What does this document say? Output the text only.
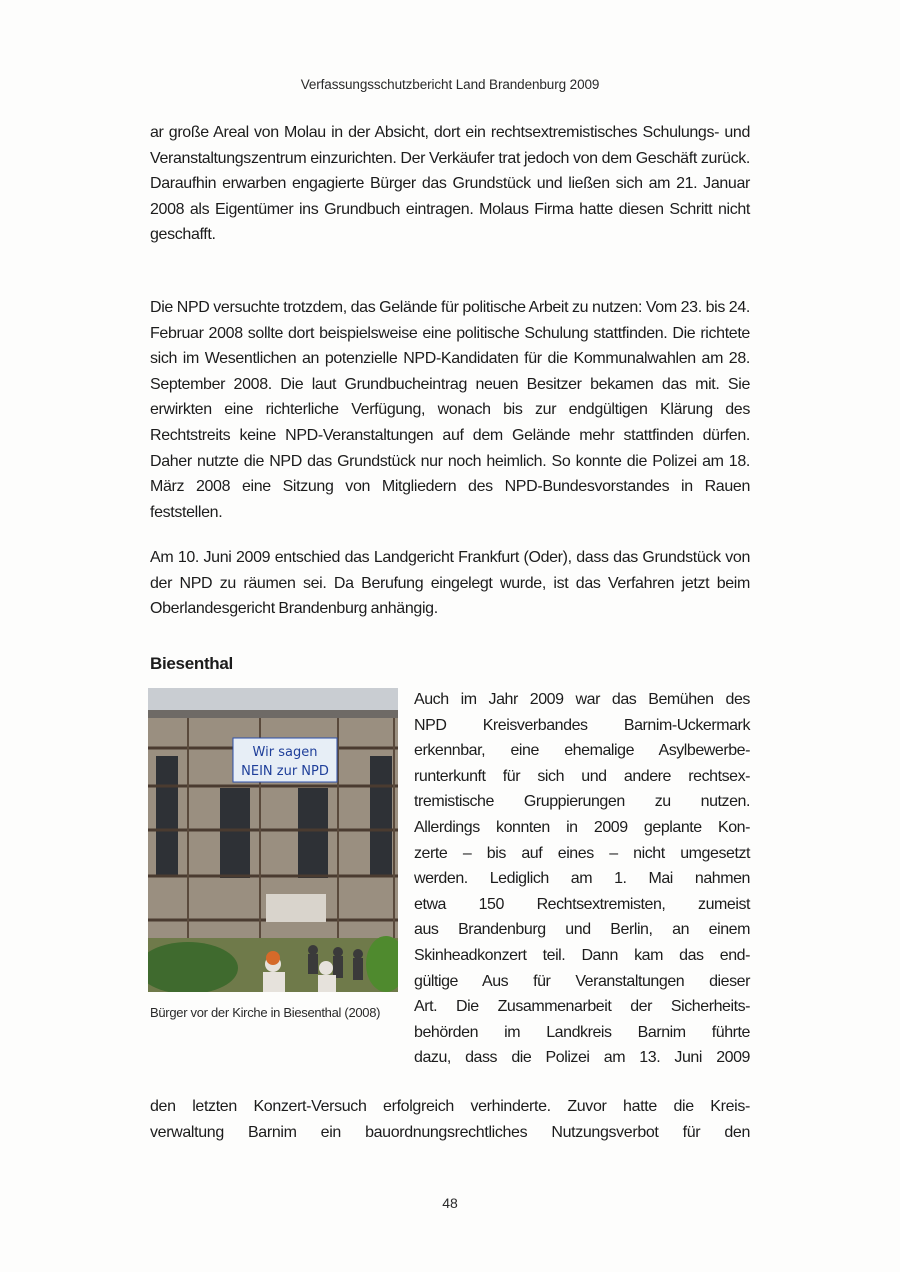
Verfassungsschutzbericht Land Brandenburg 2009

ar große Areal von Molau in der Absicht, dort ein rechtsextremistisches Schulungs- und Veranstaltungszentrum einzurichten. Der Verkäufer trat jedoch von dem Geschäft zurück. Daraufhin erwarben engagierte Bürger das Grundstück und ließen sich am 21. Januar 2008 als Eigentümer ins Grundbuch eintragen. Molaus Firma hatte diesen Schritt nicht geschafft.

Die NPD versuchte trotzdem, das Gelände für politische Arbeit zu nutzen: Vom 23. bis 24. Februar 2008 sollte dort beispielsweise eine politische Schulung stattfinden. Die richtete sich im Wesentlichen an potenzielle NPD-Kandidaten für die Kommunalwahlen am 28. September 2008. Die laut Grundbucheintrag neuen Besitzer bekamen das mit. Sie erwirkten eine richterliche Verfügung, wonach bis zur endgültigen Klärung des Rechtstreits keine NPD-Veranstaltungen auf dem Gelände mehr stattfinden dürfen. Daher nutzte die NPD das Grundstück nur noch heimlich. So konnte die Polizei am 18. März 2008 eine Sitzung von Mitgliedern des NPD-Bundesvorstandes in Rauen feststellen.

Am 10. Juni 2009 entschied das Landgericht Frankfurt (Oder), dass das Grundstück von der NPD zu räumen sei. Da Berufung eingelegt wurde, ist das Verfahren jetzt beim Oberlandesgericht Brandenburg anhängig.

Biesenthal
Wir sagen
NEIN zur NPD
Bürger vor der Kirche in Biesenthal (2008)
Auch im Jahr 2009 war das Bemühen des
NPD Kreisverbandes Barnim-Uckermark
erkennbar, eine ehemalige Asylbewerbe-
runterkunft für sich und andere rechtsex-
tremistische Gruppierungen zu nutzen.
Allerdings konnten in 2009 geplante Kon-
zerte – bis auf eines – nicht umgesetzt
werden. Lediglich am 1. Mai nahmen
etwa 150 Rechtsextremisten, zumeist
aus Brandenburg und Berlin, an einem
Skinheadkonzert teil. Dann kam das end-
gültige Aus für Veranstaltungen dieser
Art. Die Zusammenarbeit der Sicherheits-
behörden im Landkreis Barnim führte
dazu, dass die Polizei am 13. Juni 2009
den letzten Konzert-Versuch erfolgreich verhinderte. Zuvor hatte die Kreis-
verwaltung Barnim ein bauordnungsrechtliches Nutzungsverbot für den
48
